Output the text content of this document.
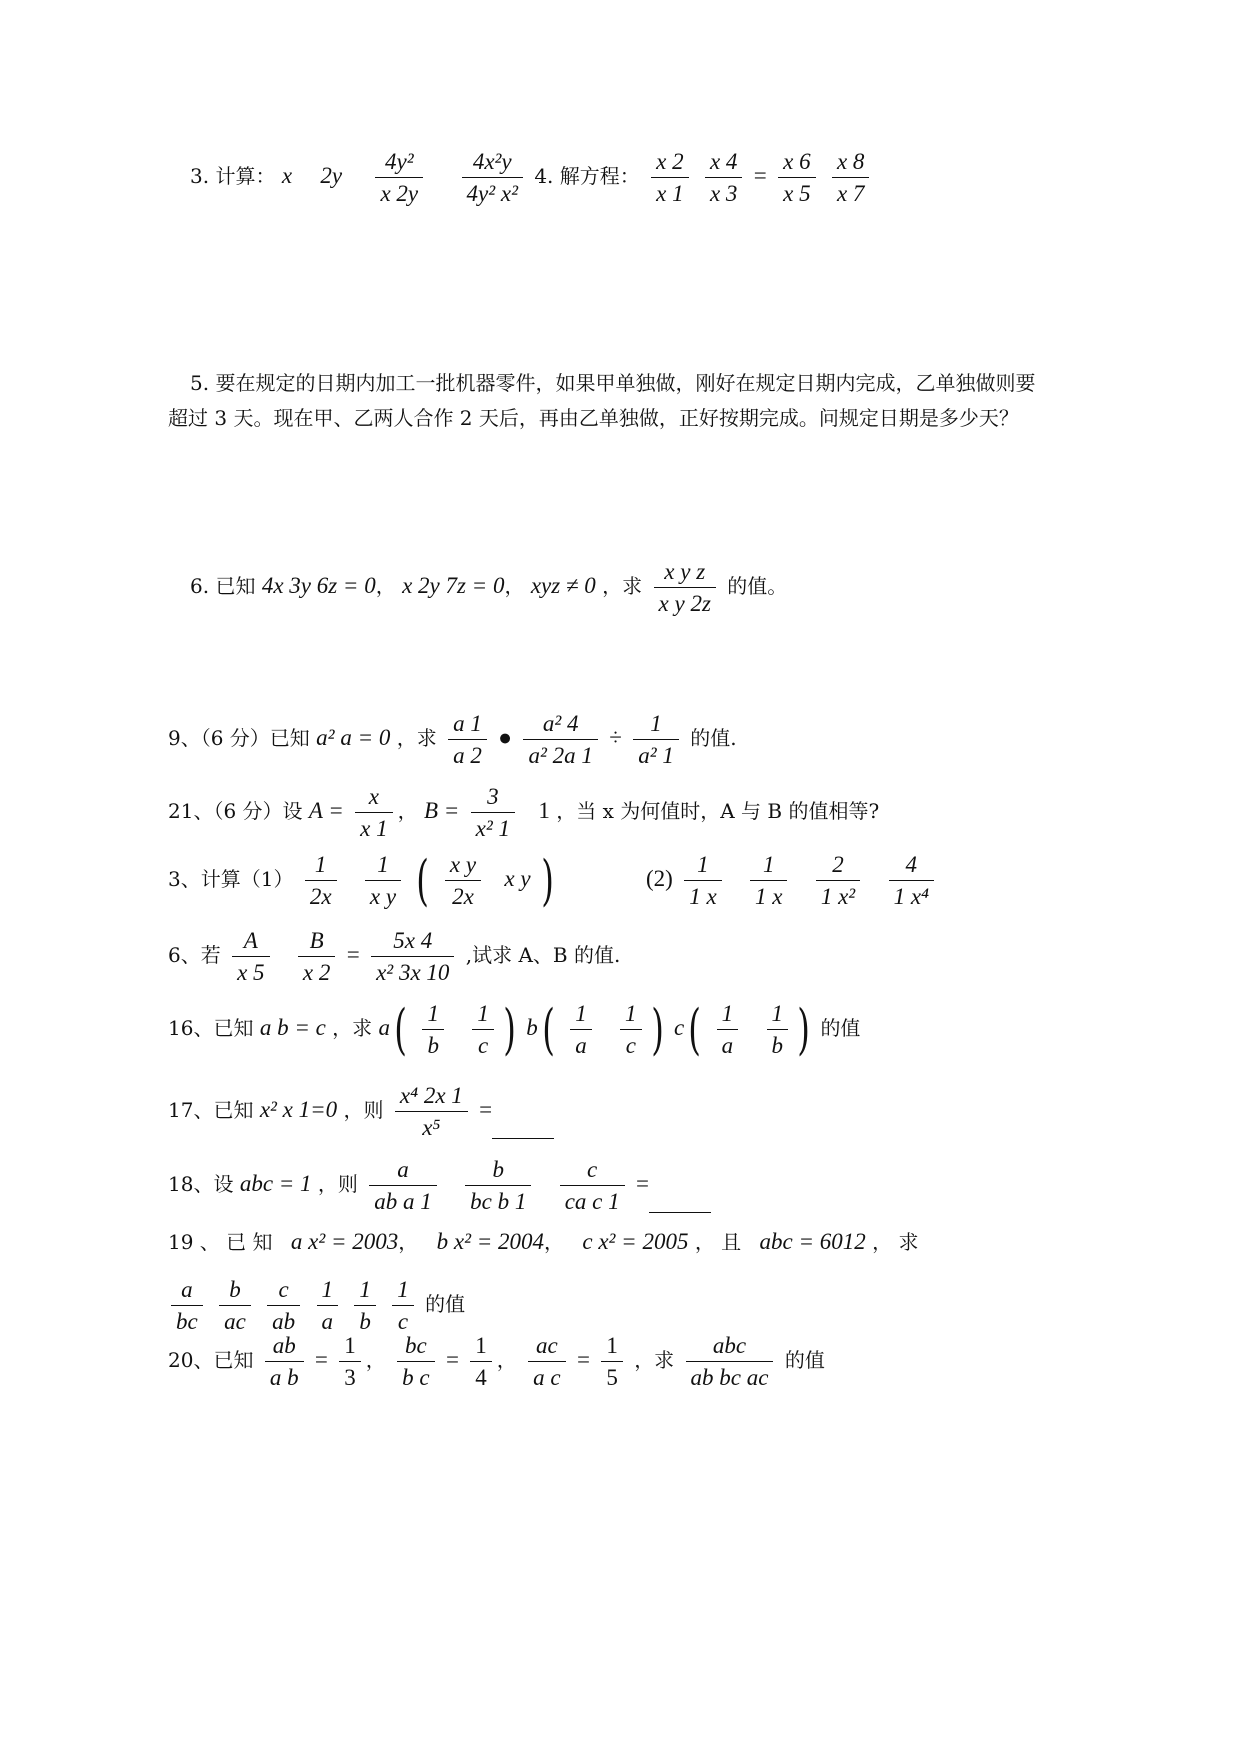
3. 计算： x $2y \frac{\text{4y²}}{x 2y}$
$\frac{\text{4x²y}}{\text{4y² x²}} 4$. 解方程： $\frac{x 2}{x 1}$
$\frac{x 4}{x 3} = \frac{x 6}{x 5}$
$\frac{x 8}{x 7}$
5. 要在规定的日期内加工一批机器零件，如果甲单独做，刚好在规定日期内完成，乙单独做则要超过 3 天。现在甲、乙两人合作 2 天后，再由乙单独做，正好按期完成。问规定日期是多少天？
6. 已知 4x 3y 6z = 0， x 2y 7z = 0， xyz ≠ 0 ，求 $\frac{\text{x y z}}{\text{x y 2z}}$ 的值。
9、（6 分）已知 a² a = 0 ，求 $\frac{a 1}{a 2}$ ● $\frac{\text{a² 4}}{\text{a² 2a 1}} \div \frac{1}{\text{a² 1}}$ 的值.
21、（6 分）设 $A = \frac{x}{x 1}$ ， $B = \frac{3}{\text{x² 1}} 1$ ，当 x 为何值时，A 与 B 的值相等?
3、计算$(1) \frac{1}{2x}$
$\frac{1}{\text{x y}}$ ( $\frac{\text{x y}}{2x}$ x y )	$(2) \frac{1}{1 x}$
$\frac{1}{1 x}$
$\frac{2}{\text{1 x²}}$
$\frac{4}{\text{1 x⁴}}$
6、若 $\frac{A}{x 5}$
$\frac{B}{x 2} = \frac{5x 4}{\text{x² 3x 10}}$ ,试求 A、B 的值.
16、已知 a b = c ，求 $a( \frac{1}{b}$
$\frac{1}{c}$ ) $b( \frac{1}{a}$
$\frac{1}{c}$ ) $c( \frac{1}{a}$
$\frac{1}{b}$ ) 的值
17、已知 x² x 1=0 ，则 $\frac{\text{x⁴ 2x 1}}{\text{x⁵}}$ =
18、设 abc = 1 ，则 $\frac{a}{\text{ab a 1}}$
$\frac{b}{\text{bc b 1}}$
$\frac{c}{\text{ca c 1}}$ =
19 、 已 知 a x² = 2003， b x² = 2004， c x² = 2005 ， 且 abc = 6012 ， 求
$\frac{a}{bc}$
$\frac{b}{ac}$
$\frac{c}{ab}$
$\frac{1}{a}$
$\frac{1}{b}$
$\frac{1}{c}$ 的值
20、已知 $\frac{ab}{\text{a b}} = \frac{1}{3}$ ， $\frac{bc}{\text{b c}} = \frac{1}{4}$ ， $\frac{ac}{\text{a c}} = \frac{1}{5}$ ，求 $\frac{\text{abc}}{\text{ab bc ac}}$ 的值
